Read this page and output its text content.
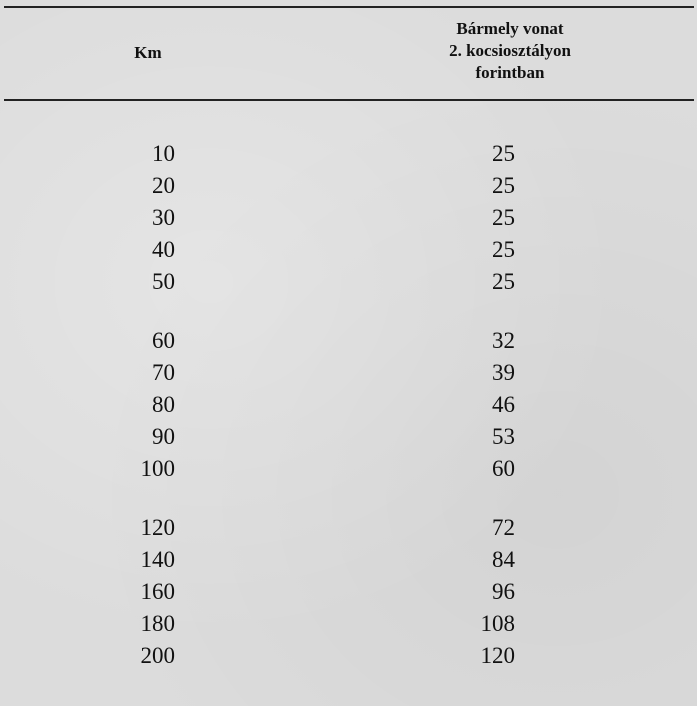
Km
Bármely vonat
2. kocsiosztályon
forintban
10	25
20	25
30	25
40	25
50	25
60	32
70	39
80	46
90	53
100	60
120	72
140	84
160	96
180	108
200	120
